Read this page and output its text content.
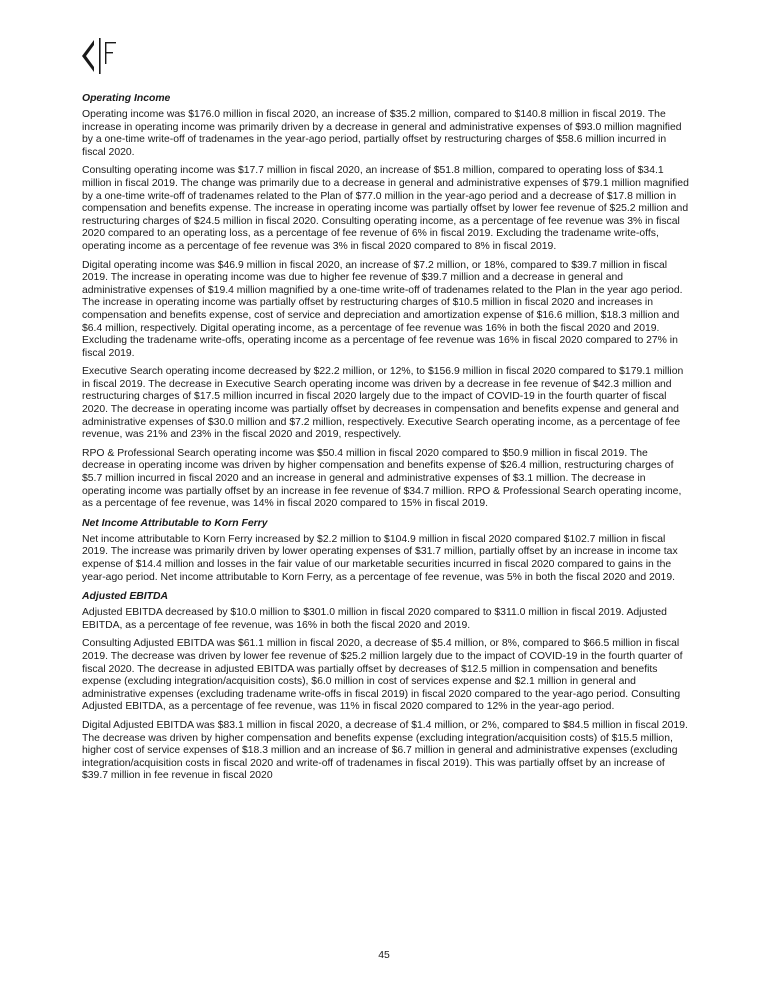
Operating Income

Operating income was $176.0 million in fiscal 2020, an increase of $35.2 million, compared to $140.8 million in fiscal 2019. The increase in operating income was primarily driven by a decrease in general and administrative expenses of $93.0 million magnified by a one-time write-off of tradenames in the year-ago period, partially offset by restructuring charges of $58.6 million incurred in fiscal 2020.

Consulting operating income was $17.7 million in fiscal 2020, an increase of $51.8 million, compared to operating loss of $34.1 million in fiscal 2019. The change was primarily due to a decrease in general and administrative expenses of $79.1 million magnified by a one-time write-off of tradenames related to the Plan of $77.0 million in the year-ago period and a decrease of $17.8 million in compensation and benefits expense. The increase in operating income was partially offset by lower fee revenue of $25.2 million and restructuring charges of $24.5 million in fiscal 2020. Consulting operating income, as a percentage of fee revenue was 3% in fiscal 2020 compared to an operating loss, as a percentage of fee revenue of 6% in fiscal 2019. Excluding the tradename write-offs, operating income as a percentage of fee revenue was 3% in fiscal 2020 compared to 8% in fiscal 2019.

Digital operating income was $46.9 million in fiscal 2020, an increase of $7.2 million, or 18%, compared to $39.7 million in fiscal 2019. The increase in operating income was due to higher fee revenue of $39.7 million and a decrease in general and administrative expenses of $19.4 million magnified by a one-time write-off of tradenames related to the Plan in the year ago period. The increase in operating income was partially offset by restructuring charges of $10.5 million in fiscal 2020 and increases in compensation and benefits expense, cost of service and depreciation and amortization expense of $16.6 million, $18.3 million and $6.4 million, respectively. Digital operating income, as a percentage of fee revenue was 16% in both the fiscal 2020 and 2019. Excluding the tradename write-offs, operating income as a percentage of fee revenue was 16% in fiscal 2020 compared to 27% in fiscal 2019.

Executive Search operating income decreased by $22.2 million, or 12%, to $156.9 million in fiscal 2020 compared to $179.1 million in fiscal 2019. The decrease in Executive Search operating income was driven by a decrease in fee revenue of $42.3 million and restructuring charges of $17.5 million incurred in fiscal 2020 largely due to the impact of COVID-19 in the fourth quarter of fiscal 2020. The decrease in operating income was partially offset by decreases in compensation and benefits expense and general and administrative expenses of $30.0 million and $7.2 million, respectively. Executive Search operating income, as a percentage of fee revenue, was 21% and 23% in the fiscal 2020 and 2019, respectively.

RPO & Professional Search operating income was $50.4 million in fiscal 2020 compared to $50.9 million in fiscal 2019. The decrease in operating income was driven by higher compensation and benefits expense of $26.4 million, restructuring charges of $5.7 million incurred in fiscal 2020 and an increase in general and administrative expenses of $3.1 million. The decrease in operating income was partially offset by an increase in fee revenue of $34.7 million. RPO & Professional Search operating income, as a percentage of fee revenue, was 14% in fiscal 2020 compared to 15% in fiscal 2019.

Net Income Attributable to Korn Ferry

Net income attributable to Korn Ferry increased by $2.2 million to $104.9 million in fiscal 2020 compared $102.7 million in fiscal 2019. The increase was primarily driven by lower operating expenses of $31.7 million, partially offset by an increase in income tax expense of $14.4 million and losses in the fair value of our marketable securities incurred in fiscal 2020 compared to gains in the year-ago period. Net income attributable to Korn Ferry, as a percentage of fee revenue, was 5% in both the fiscal 2020 and 2019.

Adjusted EBITDA

Adjusted EBITDA decreased by $10.0 million to $301.0 million in fiscal 2020 compared to $311.0 million in fiscal 2019. Adjusted EBITDA, as a percentage of fee revenue, was 16% in both the fiscal 2020 and 2019.

Consulting Adjusted EBITDA was $61.1 million in fiscal 2020, a decrease of $5.4 million, or 8%, compared to $66.5 million in fiscal 2019. The decrease was driven by lower fee revenue of $25.2 million largely due to the impact of COVID-19 in the fourth quarter of fiscal 2020. The decrease in adjusted EBITDA was partially offset by decreases of $12.5 million in compensation and benefits expense (excluding integration/acquisition costs), $6.0 million in cost of services expense and $2.1 million in general and administrative expenses (excluding tradename write-offs in fiscal 2019) in fiscal 2020 compared to the year-ago period. Consulting Adjusted EBITDA, as a percentage of fee revenue, was 11% in fiscal 2020 compared to 12% in the year-ago period.

Digital Adjusted EBITDA was $83.1 million in fiscal 2020, a decrease of $1.4 million, or 2%, compared to $84.5 million in fiscal 2019. The decrease was driven by higher compensation and benefits expense (excluding integration/acquisition costs) of $15.5 million, higher cost of service expenses of $18.3 million and an increase of $6.7 million in general and administrative expenses (excluding integration/acquisition costs in fiscal 2020 and write-off of tradenames in fiscal 2019). This was partially offset by an increase of $39.7 million in fee revenue in fiscal 2020

45
